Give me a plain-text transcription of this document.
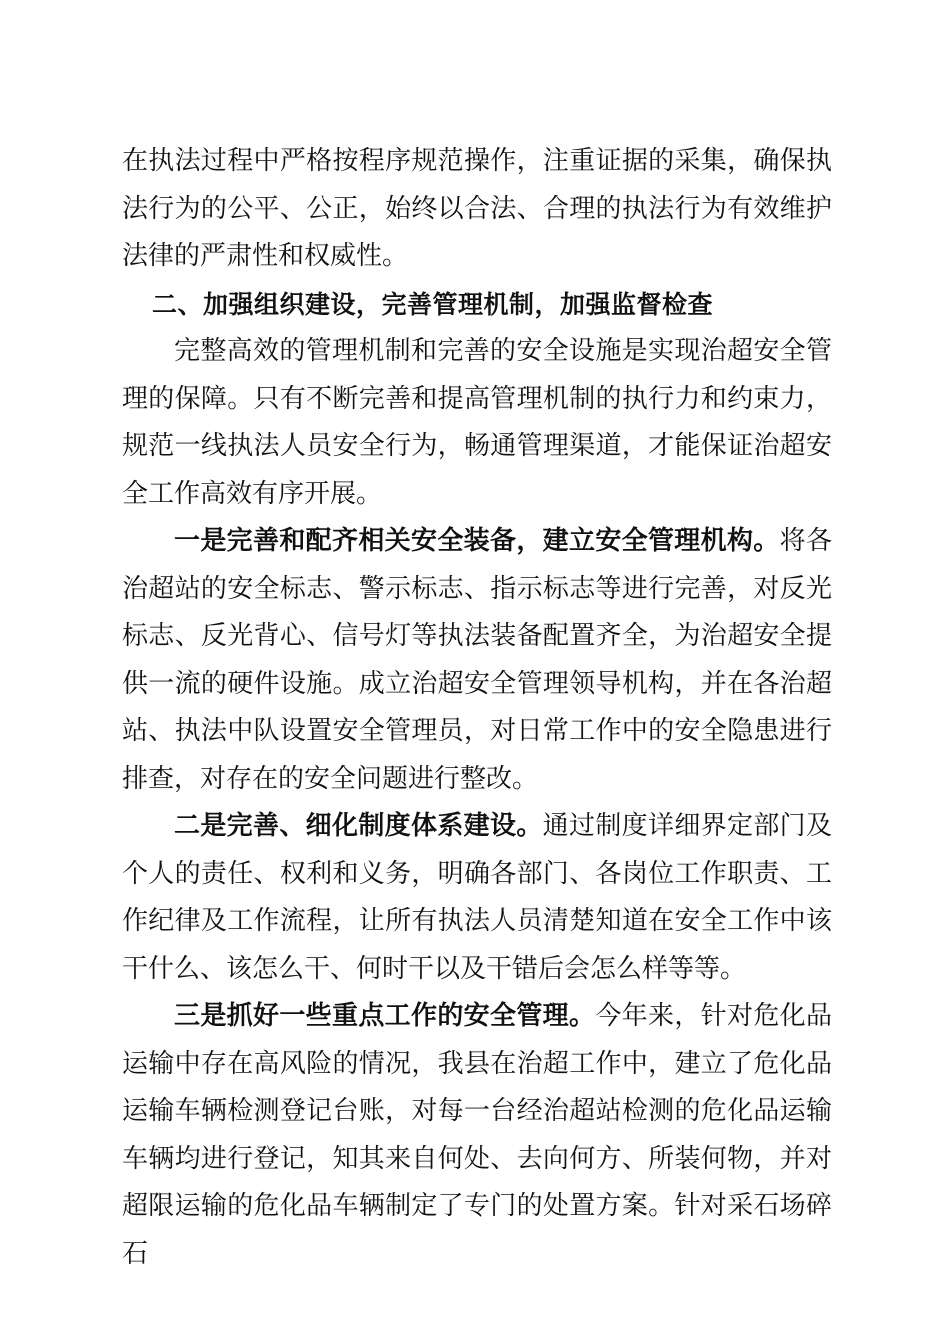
在执法过程中严格按程序规范操作，注重证据的采集，确保执法行为的公平、公正，始终以合法、合理的执法行为有效维护法律的严肃性和权威性。

二、加强组织建设，完善管理机制，加强监督检查

完整高效的管理机制和完善的安全设施是实现治超安全管理的保障。只有不断完善和提高管理机制的执行力和约束力，规范一线执法人员安全行为，畅通管理渠道，才能保证治超安全工作高效有序开展。

一是完善和配齐相关安全装备，建立安全管理机构。将各治超站的安全标志、警示标志、指示标志等进行完善，对反光标志、反光背心、信号灯等执法装备配置齐全，为治超安全提供一流的硬件设施。成立治超安全管理领导机构，并在各治超站、执法中队设置安全管理员，对日常工作中的安全隐患进行排查，对存在的安全问题进行整改。

二是完善、细化制度体系建设。通过制度详细界定部门及个人的责任、权利和义务，明确各部门、各岗位工作职责、工作纪律及工作流程，让所有执法人员清楚知道在安全工作中该干什么、该怎么干、何时干以及干错后会怎么样等等。

三是抓好一些重点工作的安全管理。今年来，针对危化品运输中存在高风险的情况，我县在治超工作中，建立了危化品运输车辆检测登记台账，对每一台经治超站检测的危化品运输车辆均进行登记，知其来自何处、去向何方、所装何物，并对超限运输的危化品车辆制定了专门的处置方案。针对采石场碎石
